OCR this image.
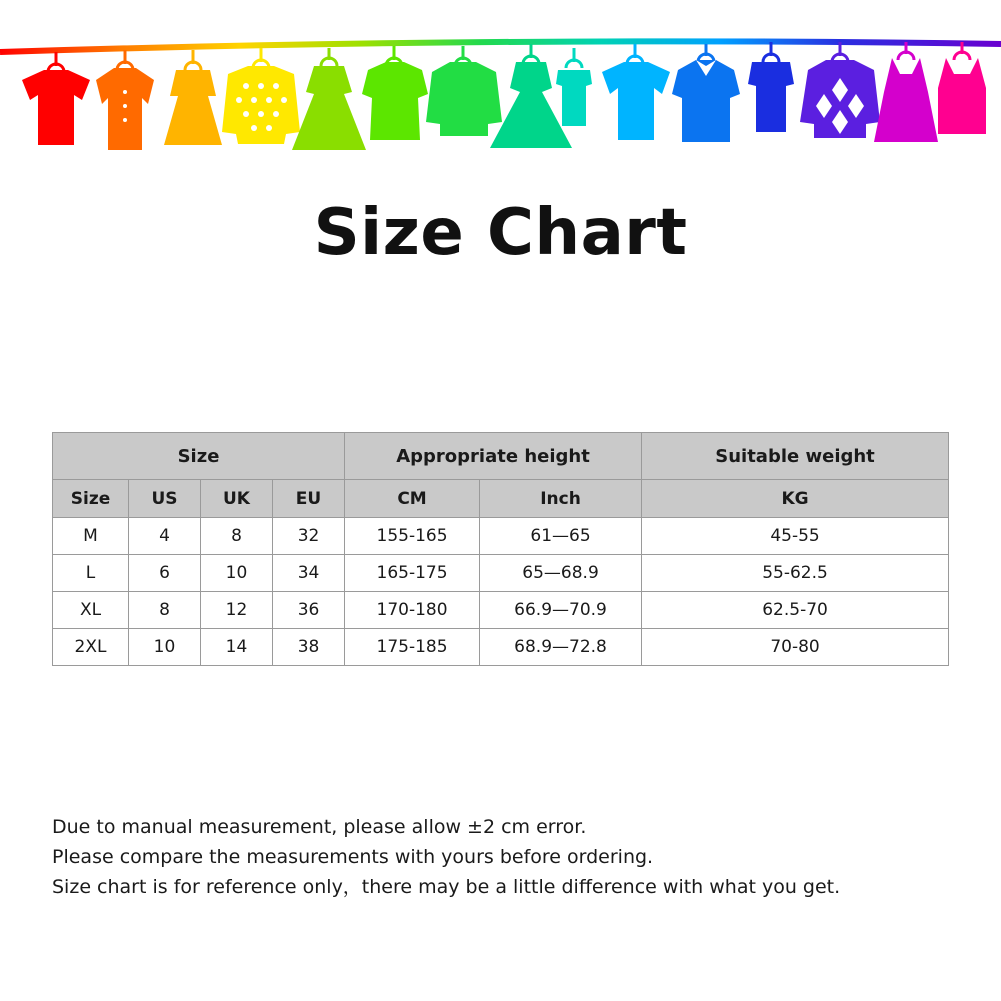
Size Chart
Size				Appropriate height		Suitable weight
Size	US	UK	EU	CM	Inch	KG
M	4	8	32	155-165	61—65	45-55
L	6	10	34	165-175	65—68.9	55-62.5
XL	8	12	36	170-180	66.9—70.9	62.5-70
2XL	10	14	38	175-185	68.9—72.8	70-80
Due to manual measurement, please allow ±2 cm error.
Please compare the measurements with yours before ordering.
Size chart is for reference only，there may be a little difference with what you get.
